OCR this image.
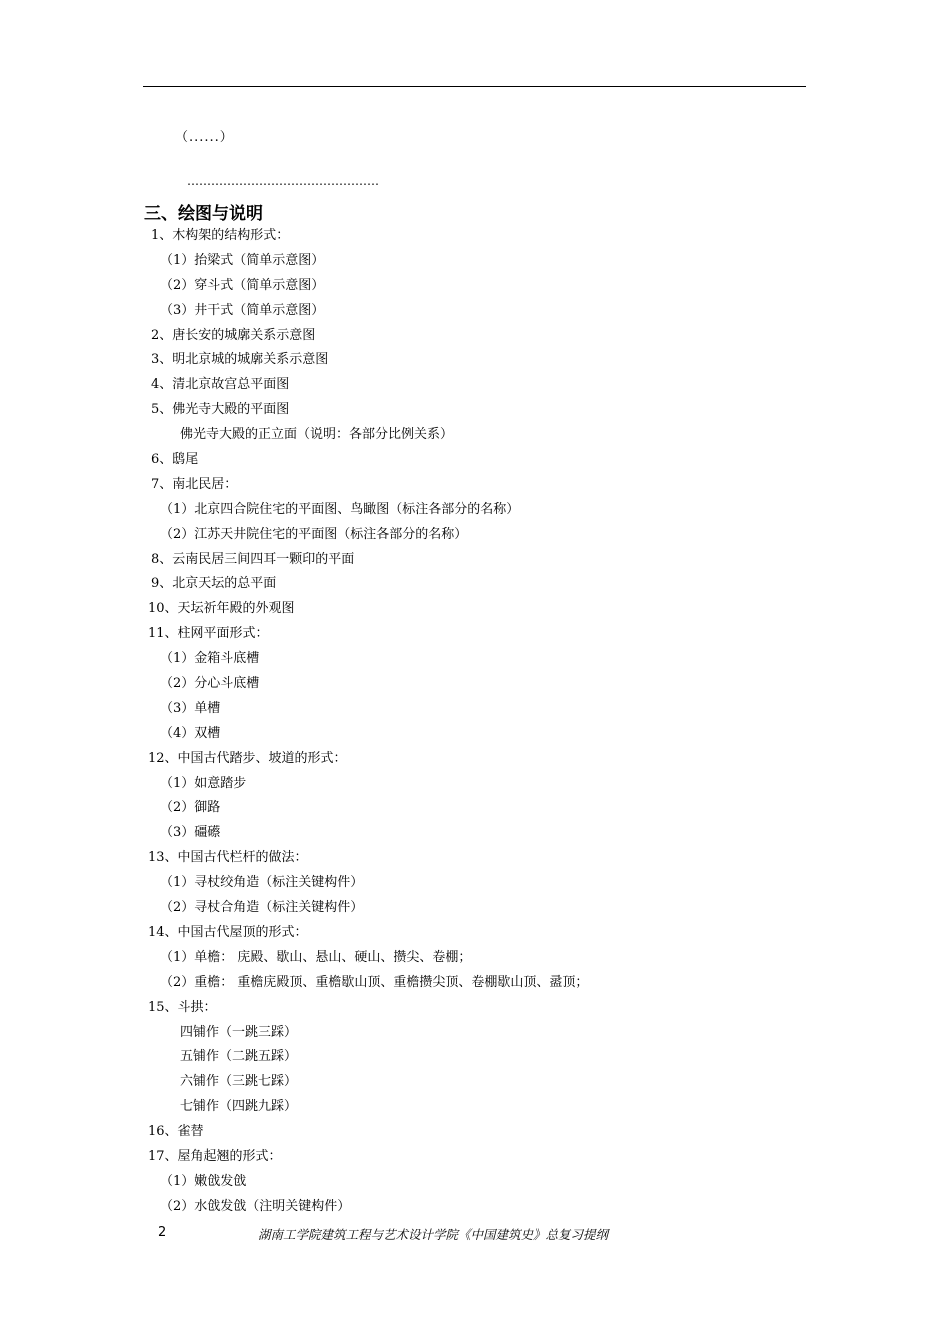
（......）
…………………………………………
三、绘图与说明
1、木构架的结构形式：
（1）抬梁式（简单示意图）
（2）穿斗式（简单示意图）
（3）井干式（简单示意图）
2、唐长安的城廓关系示意图
3、明北京城的城廓关系示意图
4、清北京故宫总平面图
5、佛光寺大殿的平面图
佛光寺大殿的正立面（说明：各部分比例关系）
6、鸱尾
7、南北民居：
（1）北京四合院住宅的平面图、鸟瞰图（标注各部分的名称）
（2）江苏天井院住宅的平面图（标注各部分的名称）
8、云南民居三间四耳一颗印的平面
9、北京天坛的总平面
10、天坛祈年殿的外观图
11、柱网平面形式：
（1）金箱斗底槽
（2）分心斗底槽
（3）单槽
（4）双槽
12、中国古代踏步、坡道的形式：
（1）如意踏步
（2）御路
（3）礓礤
13、中国古代栏杆的做法：
（1）寻杖绞角造（标注关键构件）
（2）寻杖合角造（标注关键构件）
14、中国古代屋顶的形式：
（1）单檐： 庑殿、歇山、悬山、硬山、攒尖、卷棚；
（2）重檐： 重檐庑殿顶、重檐歇山顶、重檐攒尖顶、卷棚歇山顶、盝顶；
15、斗拱：
四铺作（一跳三踩）
五铺作（二跳五踩）
六铺作（三跳七踩）
七铺作（四跳九踩）
16、雀替
17、屋角起翘的形式：
（1）嫩戗发戗
（2）水戗发戗（注明关键构件）
2	湖南工学院建筑工程与艺术设计学院《中国建筑史》总复习提纲
